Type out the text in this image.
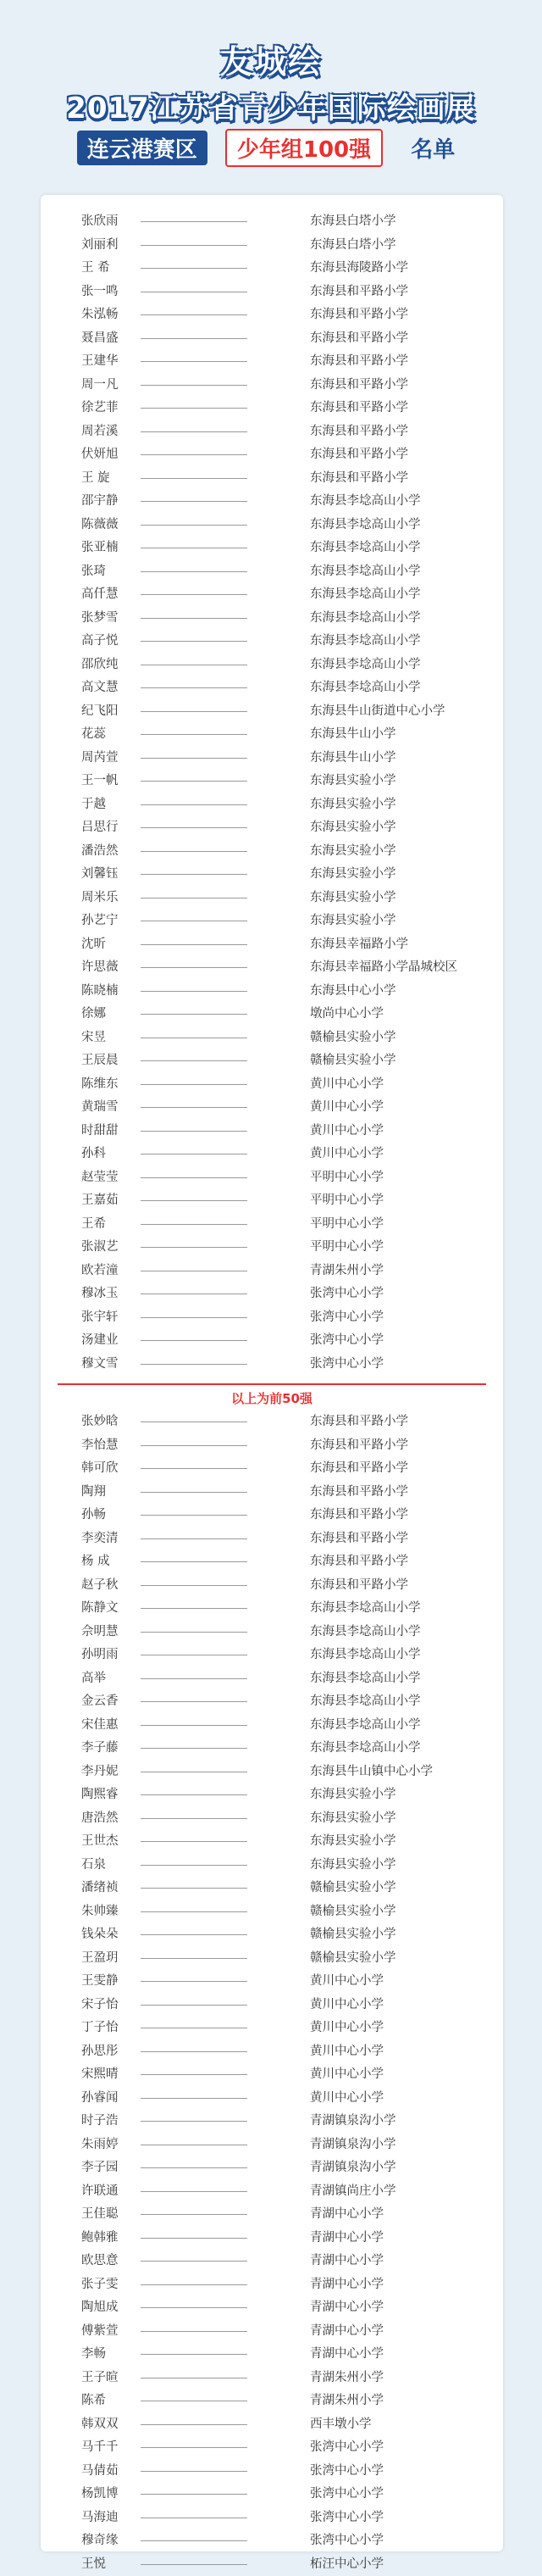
友城绘
2017江苏省青少年国际绘画展
连云港赛区 少年组100强 名单
张欣雨	东海县白塔小学
刘丽利	东海县白塔小学
王 希	东海县海陵路小学
张一鸣	东海县和平路小学
朱泓畅	东海县和平路小学
聂昌盛	东海县和平路小学
王建华	东海县和平路小学
周一凡	东海县和平路小学
徐艺菲	东海县和平路小学
周若溪	东海县和平路小学
伏妍旭	东海县和平路小学
王 旋	东海县和平路小学
邵宇静	东海县李埝高山小学
陈薇薇	东海县李埝高山小学
张亚楠	东海县李埝高山小学
张琦	东海县李埝高山小学
高仟慧	东海县李埝高山小学
张梦雪	东海县李埝高山小学
高子悦	东海县李埝高山小学
邵欣纯	东海县李埝高山小学
高文慧	东海县李埝高山小学
纪飞阳	东海县牛山街道中心小学
花蕊	东海县牛山小学
周芮萱	东海县牛山小学
王一帆	东海县实验小学
于越	东海县实验小学
吕思行	东海县实验小学
潘浩然	东海县实验小学
刘馨钰	东海县实验小学
周米乐	东海县实验小学
孙艺宁	东海县实验小学
沈昕	东海县幸福路小学
许思薇	东海县幸福路小学晶城校区
陈晓楠	东海县中心小学
徐娜	墩尚中心小学
宋昱	赣榆县实验小学
王辰晨	赣榆县实验小学
陈维东	黄川中心小学
黄瑞雪	黄川中心小学
时甜甜	黄川中心小学
孙科	黄川中心小学
赵莹莹	平明中心小学
王嘉茹	平明中心小学
王希	平明中心小学
张淑艺	平明中心小学
欧若潼	青湖朱州小学
穆冰玉	张湾中心小学
张宇轩	张湾中心小学
汤建业	张湾中心小学
穆文雪	张湾中心小学
以上为前50强
张妙晗	东海县和平路小学
李怡慧	东海县和平路小学
韩可欣	东海县和平路小学
陶翔	东海县和平路小学
孙畅	东海县和平路小学
李奕清	东海县和平路小学
杨 成	东海县和平路小学
赵子秋	东海县和平路小学
陈静文	东海县李埝高山小学
佘明慧	东海县李埝高山小学
孙明雨	东海县李埝高山小学
高举	东海县李埝高山小学
金云香	东海县李埝高山小学
宋佳惠	东海县李埝高山小学
李子藤	东海县李埝高山小学
李丹妮	东海县牛山镇中心小学
陶熙睿	东海县实验小学
唐浩然	东海县实验小学
王世杰	东海县实验小学
石泉	东海县实验小学
潘绪祯	赣榆县实验小学
朱帅臻	赣榆县实验小学
钱朵朵	赣榆县实验小学
王盈玥	赣榆县实验小学
王雯静	黄川中心小学
宋子怡	黄川中心小学
丁子怡	黄川中心小学
孙思彤	黄川中心小学
宋熙晴	黄川中心小学
孙睿闻	黄川中心小学
时子浩	青湖镇泉沟小学
朱雨婷	青湖镇泉沟小学
李子园	青湖镇泉沟小学
许联通	青湖镇尚庄小学
王佳聪	青湖中心小学
鲍韩雅	青湖中心小学
欧思意	青湖中心小学
张子雯	青湖中心小学
陶旭成	青湖中心小学
傅紫萱	青湖中心小学
李畅	青湖中心小学
王子暄	青湖朱州小学
陈希	青湖朱州小学
韩双双	西丰墩小学
马千千	张湾中心小学
马倩茹	张湾中心小学
杨凯博	张湾中心小学
马海迪	张湾中心小学
穆奇缘	张湾中心小学
王悦	柘汪中心小学
